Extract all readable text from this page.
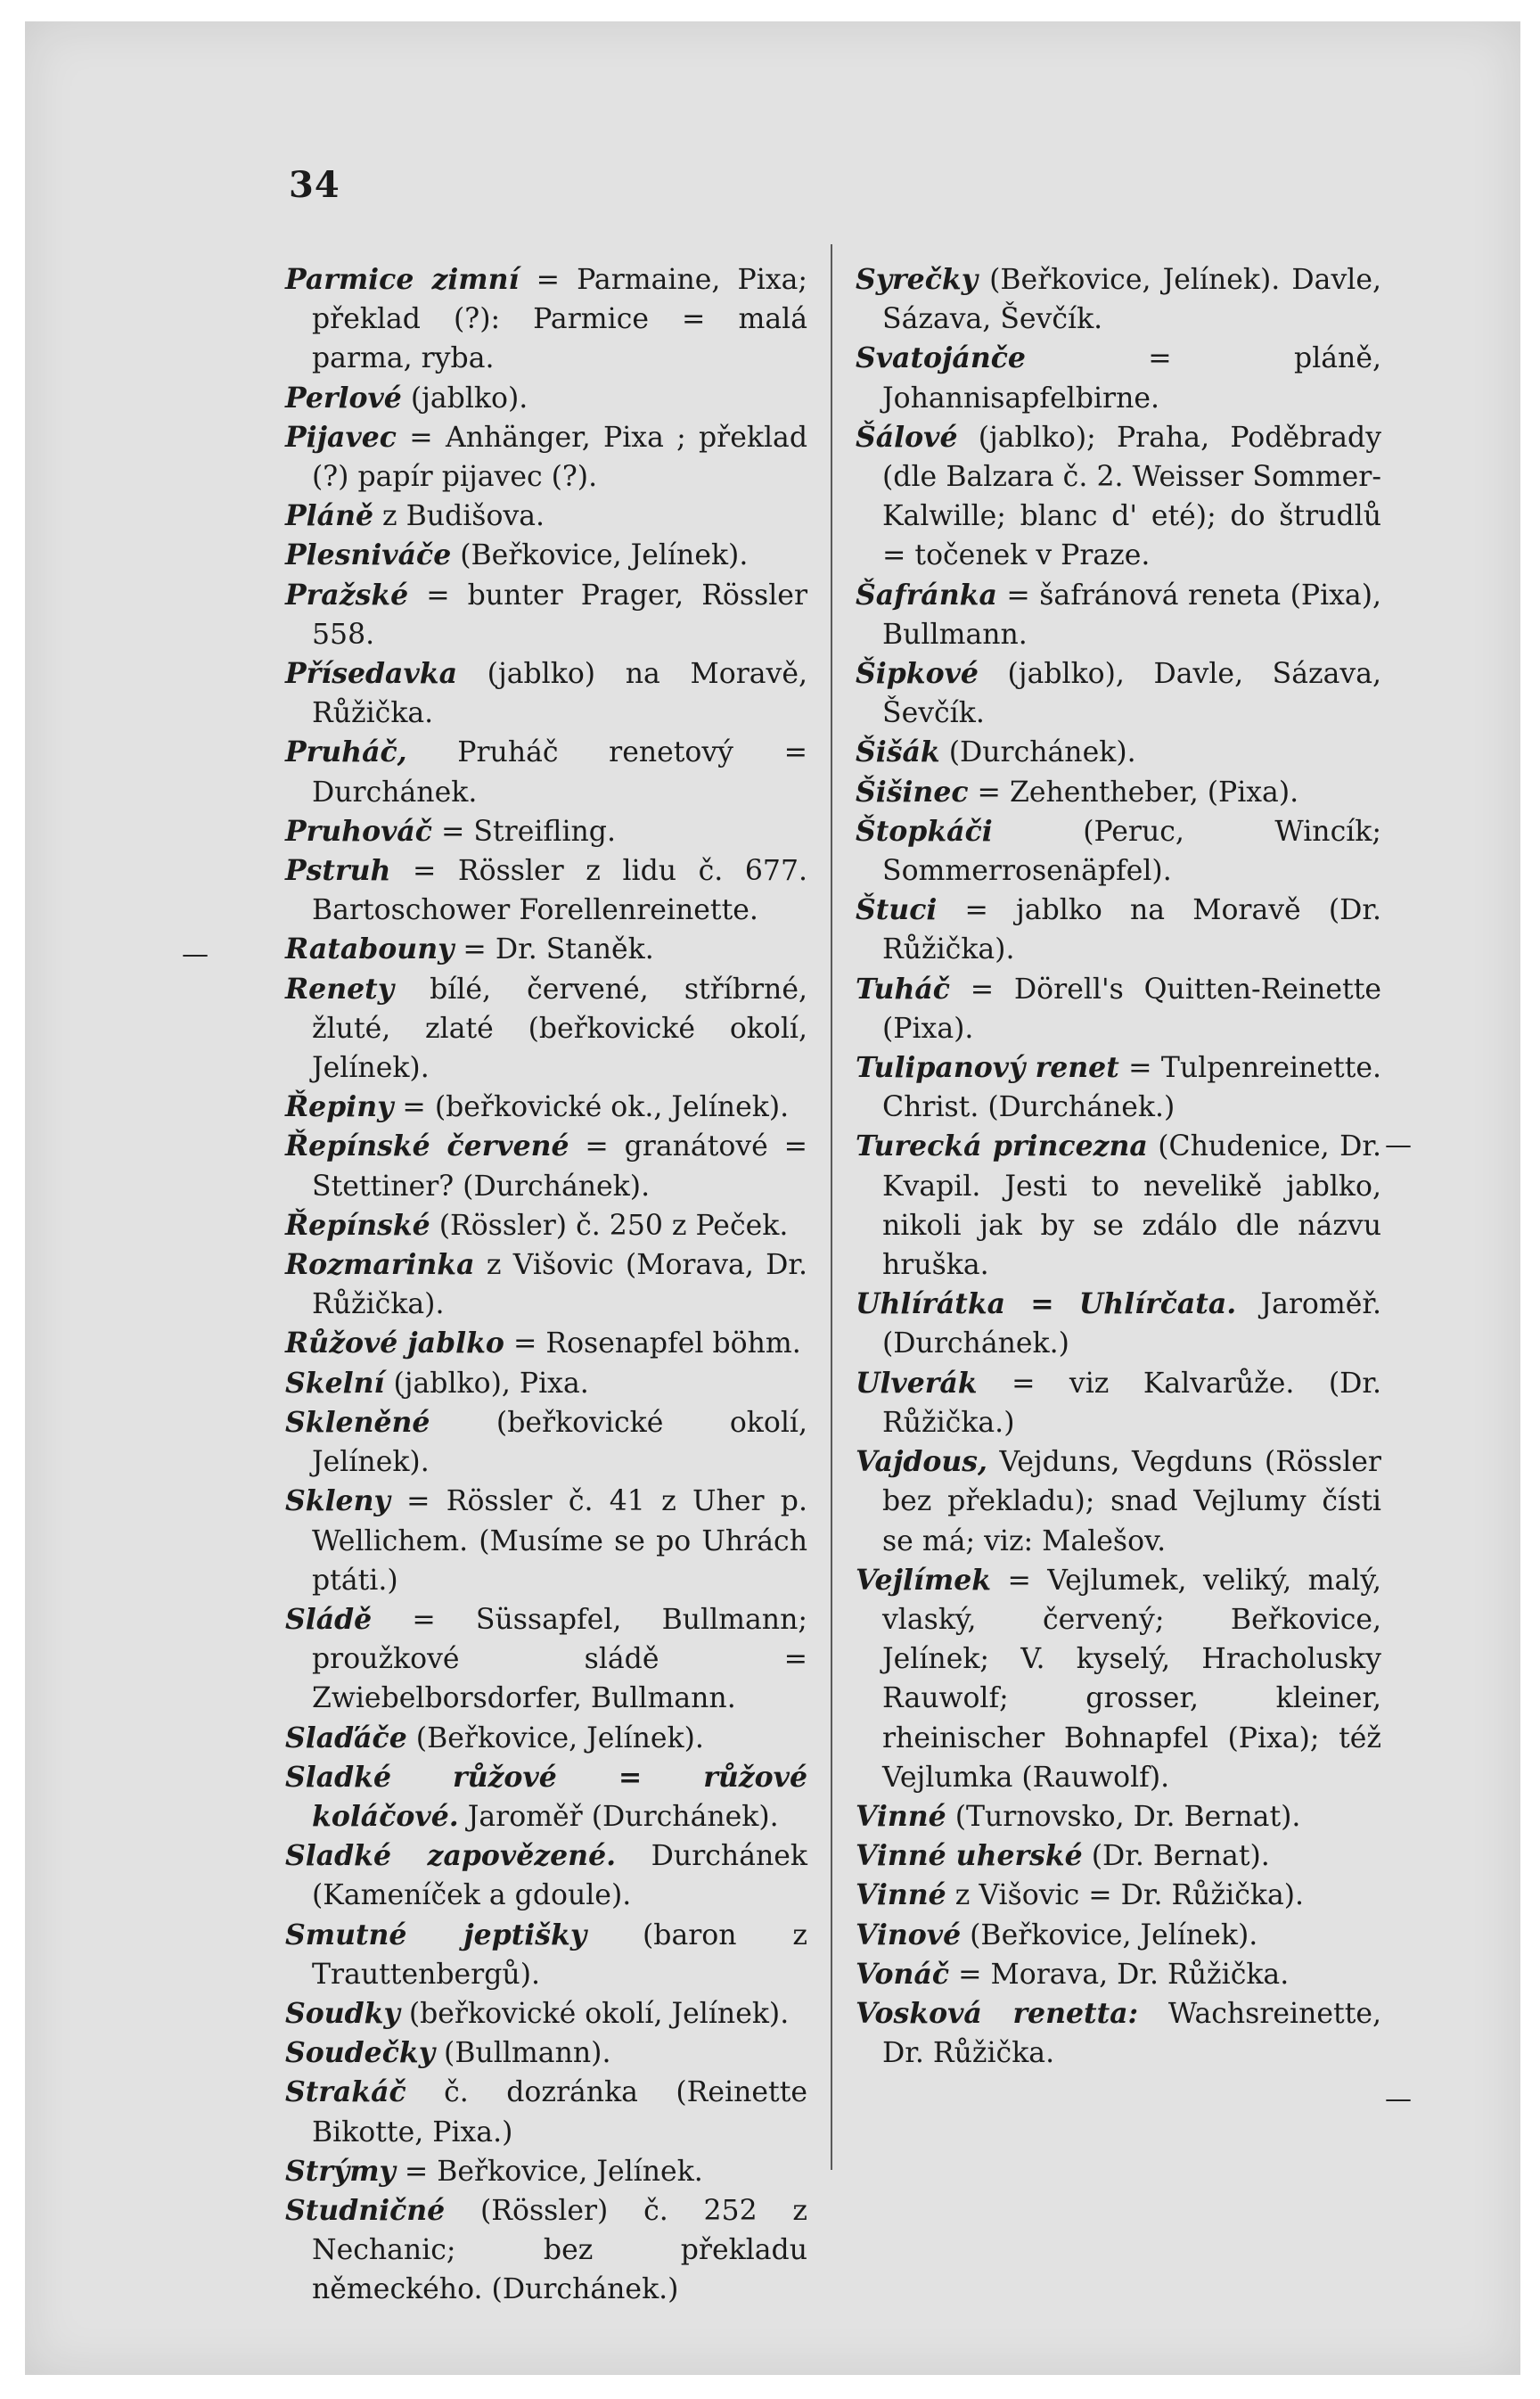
34
—
—
—

Parmice zimní = Parmaine, Pixa; překlad (?): Parmice = malá parma, ryba.

Perlové (jablko).

Pijavec = Anhänger, Pixa ; překlad (?) papír pijavec (?).

Pláně z Budišova.

Plesniváče (Beřkovice, Jelínek).

Pražské = bunter Prager, Rössler 558.

Přísedavka (jablko) na Moravě, Růžička.

Pruháč, Pruháč renetový = Durchánek.

Pruhováč = Streifling.

Pstruh = Rössler z lidu č. 677. Bartoschower Forellenreinette.

Ratabouny = Dr. Staněk.

Renety bílé, červené, stříbrné, žluté, zlaté (beřkovické okolí, Jelínek).

Řepiny = (beřkovické ok., Jelínek).

Řepínské červené = granátové = Stettiner? (Durchánek).

Řepínské (Rössler) č. 250 z Peček.

Rozmarinka z Višovic (Morava, Dr. Růžička).

Růžové jablko = Rosenapfel böhm.

Skelní (jablko), Pixa.

Skleněné (beřkovické okolí, Jelínek).

Skleny = Rössler č. 41 z Uher p. Wellichem. (Musíme se po Uhrách ptáti.)

Sládě = Süssapfel, Bullmann; proužkové sládě = Zwiebelborsdorfer, Bullmann.

Slaďáče (Beřkovice, Jelínek).

Sladké růžové = růžové koláčové. Jaroměř (Durchánek).

Sladké zapovězené. Durchánek (Kameníček a gdoule).

Smutné jeptišky (baron z Trauttenbergů).

Soudky (beřkovické okolí, Jelínek).

Soudečky (Bullmann).

Strakáč č. dozránka (Reinette Bikotte, Pixa.)

Strýmy = Beřkovice, Jelínek.

Studničné (Rössler) č. 252 z Nechanic; bez překladu německého. (Durchánek.)

Syrečky (Beřkovice, Jelínek). Davle, Sázava, Ševčík.

Svatojánče = pláně, Johannisapfelbirne.

Šálové (jablko); Praha, Poděbrady (dle Balzara č. 2. Weisser Sommer-Kalwille; blanc d' eté); do štrudlů = točenek v Praze.

Šafránka = šafránová reneta (Pixa), Bullmann.

Šipkové (jablko), Davle, Sázava, Ševčík.

Šišák (Durchánek).

Šišinec = Zehentheber, (Pixa).

Štopkáči (Peruc, Wincík; Sommerrosenäpfel).

Štuci = jablko na Moravě (Dr. Růžička).

Tuháč = Dörell's Quitten-Reinette (Pixa).

Tulipanový renet = Tulpenreinette. Christ. (Durchánek.)

Turecká princezna (Chudenice, Dr. Kvapil. Jesti to nevelikě jablko, nikoli jak by se zdálo dle názvu hruška.

Uhlírátka = Uhlírčata. Jaroměř. (Durchánek.)

Ulverák = viz Kalvarůže. (Dr. Růžička.)

Vajdous, Vejduns, Vegduns (Rössler bez překladu); snad Vejlumy čísti se má; viz: Malešov.

Vejlímek = Vejlumek, veliký, malý, vlaský, červený; Beřkovice, Jelínek; V. kyselý, Hracholusky Rauwolf; grosser, kleiner, rheinischer Bohnapfel (Pixa); též Vejlumka (Rauwolf).

Vinné (Turnovsko, Dr. Bernat).

Vinné uherské (Dr. Bernat).

Vinné z Višovic = Dr. Růžička).

Vinové (Beřkovice, Jelínek).

Vonáč = Morava, Dr. Růžička.

Vosková renetta: Wachsreinette, Dr. Růžička.
